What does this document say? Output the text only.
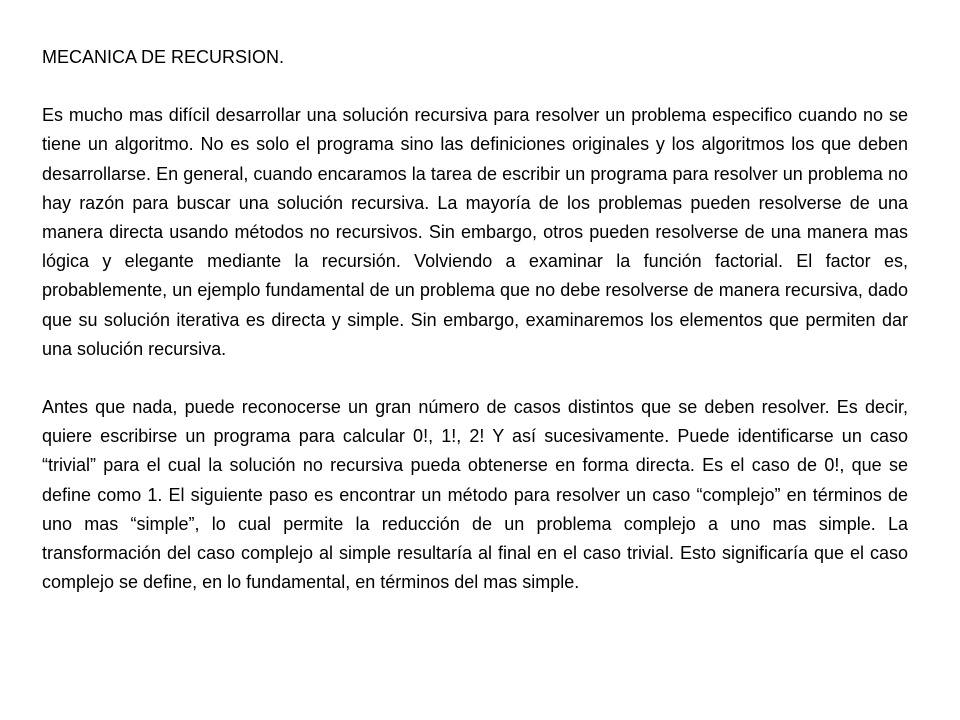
MECANICA DE RECURSION.

Es mucho mas difícil desarrollar una solución recursiva para resolver un problema especifico cuando no se tiene un algoritmo. No es solo el programa sino las definiciones originales y los algoritmos los que deben desarrollarse. En general, cuando encaramos la tarea de escribir un programa para resolver un problema no hay razón para buscar una solución recursiva. La mayoría de los problemas pueden resolverse de una manera directa usando métodos no recursivos. Sin embargo, otros pueden resolverse de una manera mas lógica y elegante mediante la recursión. Volviendo a examinar la función factorial. El factor es, probablemente, un ejemplo fundamental de un problema que no debe resolverse de manera recursiva, dado que su solución iterativa es directa y simple. Sin embargo, examinaremos los elementos que permiten dar una solución recursiva.

Antes que nada, puede reconocerse un gran número de casos distintos que se deben resolver. Es decir, quiere escribirse un programa para calcular 0!, 1!, 2! Y así sucesivamente. Puede identificarse un caso “trivial” para el cual la solución no recursiva pueda obtenerse en forma directa. Es el caso de 0!, que se define como 1. El siguiente paso es encontrar un método para resolver un caso “complejo” en términos de uno mas “simple”, lo cual permite la reducción de un problema complejo a uno mas simple. La transformación del caso complejo al simple resultaría al final en el caso trivial. Esto significaría que el caso complejo se define, en lo fundamental, en términos del mas simple.
